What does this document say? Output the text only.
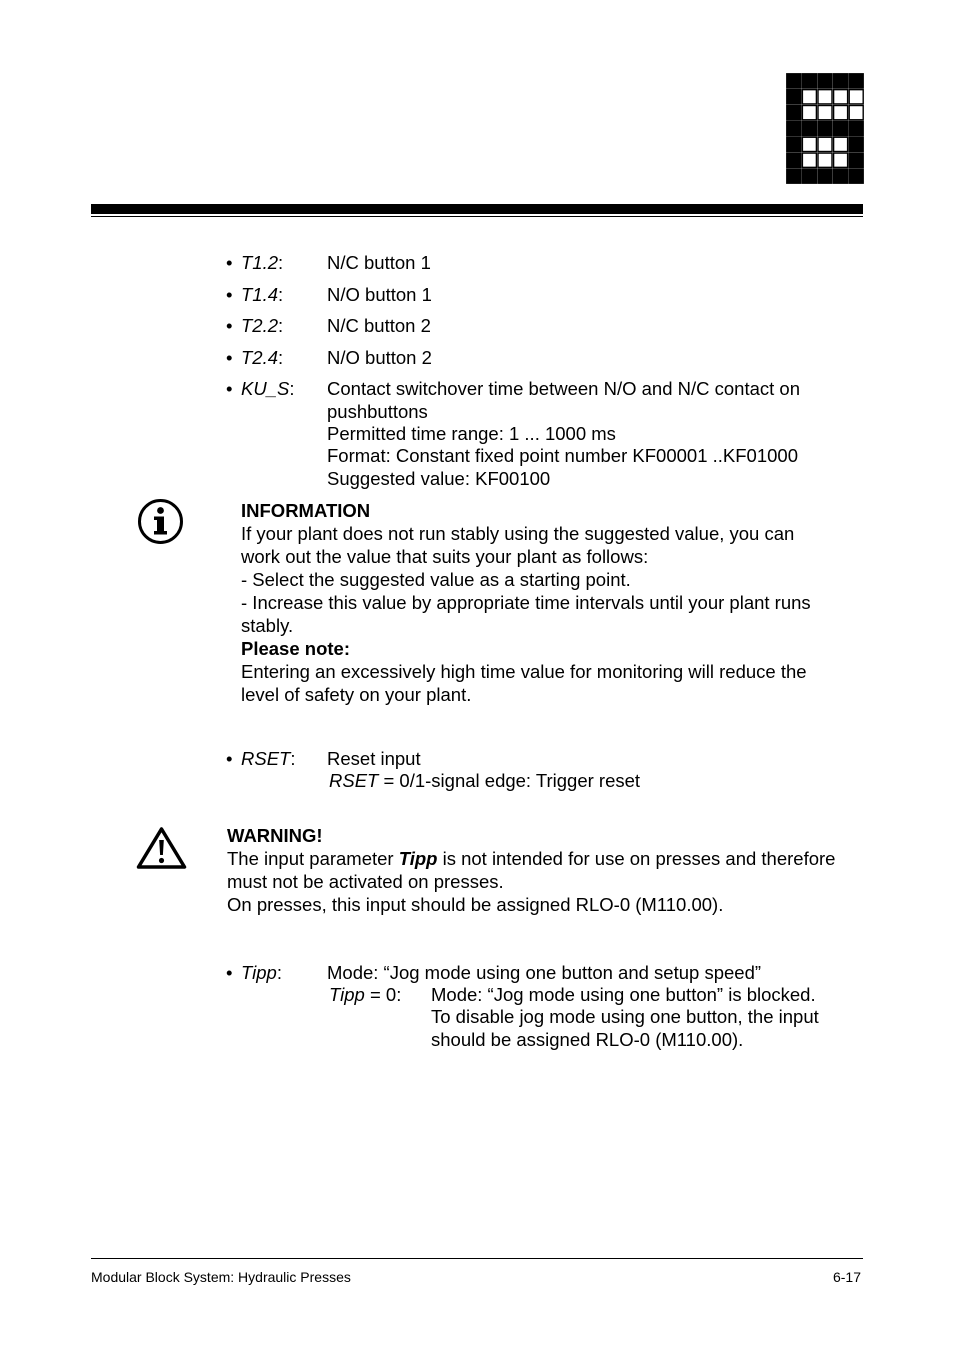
• T1.2: N/C button 1
• T1.4: N/O button 1
• T2.2: N/C button 2
• T2.4: N/O button 2
• KU_S: Contact switchover time between N/O and N/C contact on
pushbuttons
Permitted time range: 1 ... 1000 ms
Format: Constant fixed point number KF00001 ..KF01000
Suggested value: KF00100
INFORMATION
If your plant does not run stably using the suggested value, you can
work out the value that suits your plant as follows:
- Select the suggested value as a starting point.
- Increase this value by appropriate time intervals until your plant runs
stably.
Please note:
Entering an excessively high time value for monitoring will reduce the
level of safety on your plant.
• RSET: Reset input
RSET = 0/1-signal edge: Trigger reset
WARNING!
The input parameter Tipp is not intended for use on presses and therefore
must not be activated on presses.
On presses, this input should be assigned RLO-0 (M110.00).
• Tipp: Mode: “Jog mode using one button and setup speed”
Tipp = 0: Mode: “Jog mode using one button” is blocked.
To disable jog mode using one button, the input
should be assigned RLO-0 (M110.00).
Modular Block System: Hydraulic Presses	6-17
